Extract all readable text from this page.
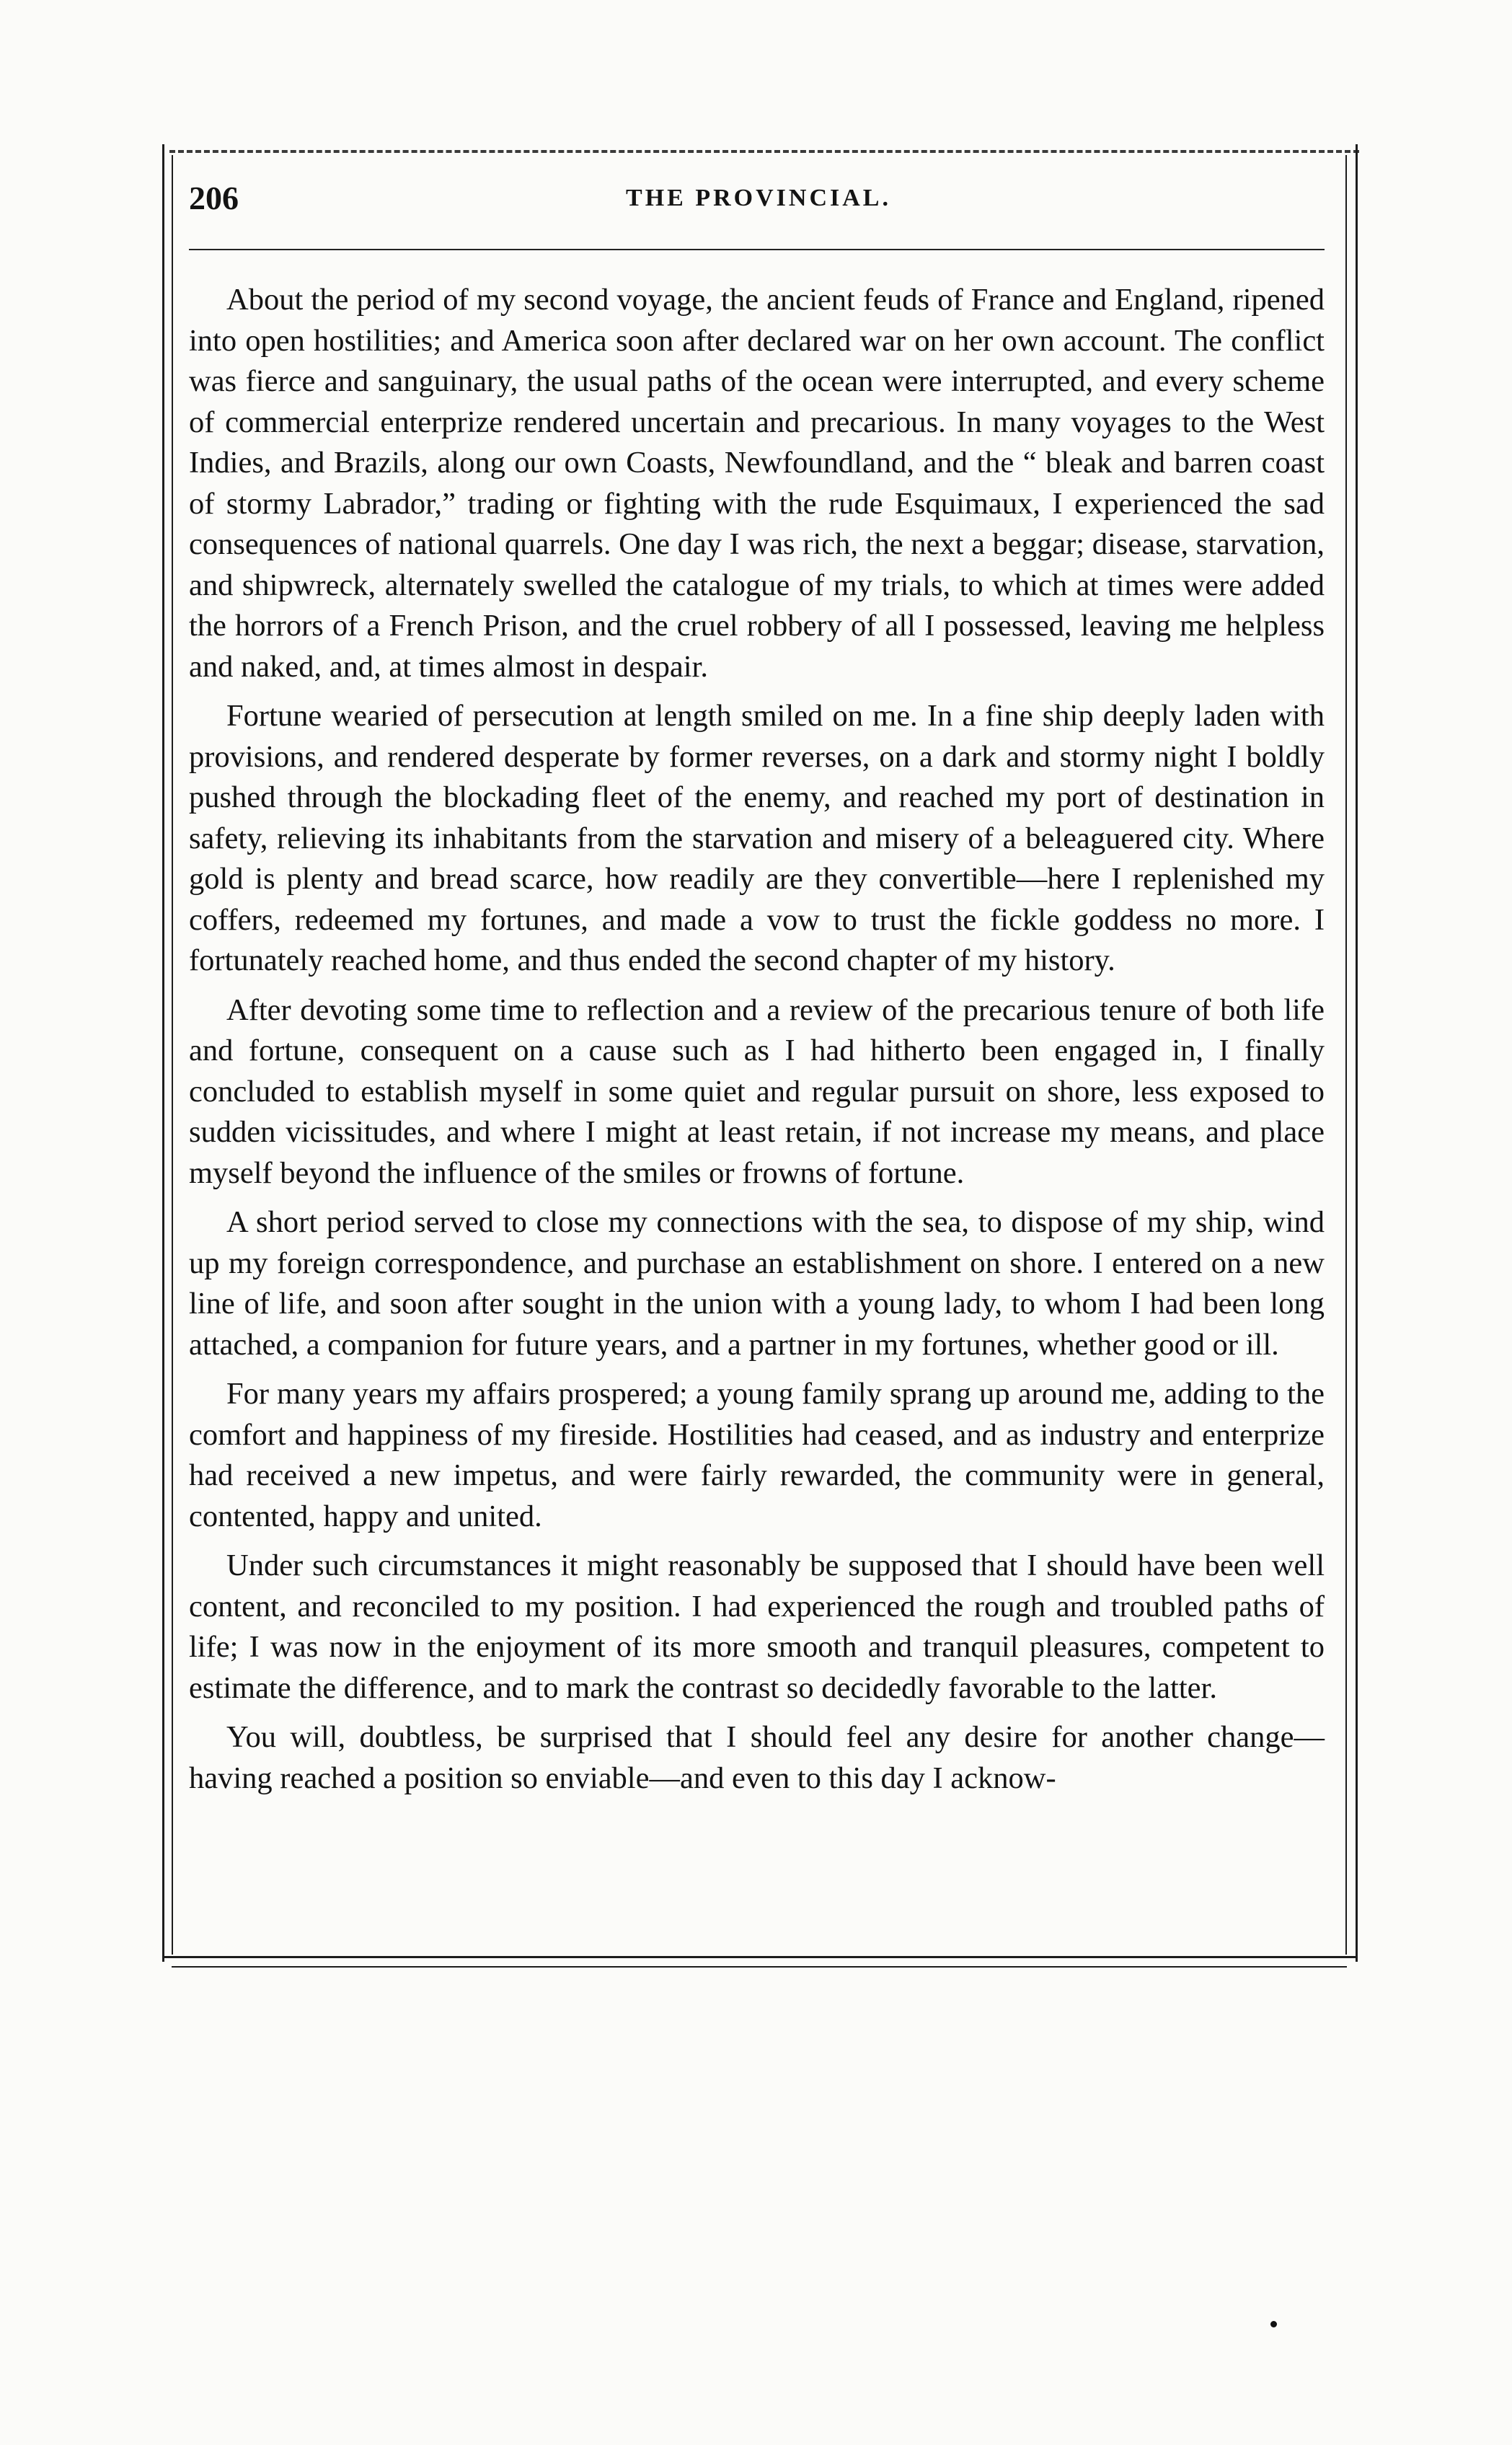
206	THE PROVINCIAL.

About the period of my second voyage, the ancient feuds of France and England, ripened into open hostilities; and America soon after declared war on her own account. The conflict was fierce and sanguinary, the usual paths of the ocean were interrupted, and every scheme of commercial enterprize rendered uncertain and precarious. In many voyages to the West Indies, and Brazils, along our own Coasts, Newfoundland, and the “ bleak and barren coast of stormy Labrador,” trading or fighting with the rude Esquimaux, I experienced the sad consequences of national quarrels. One day I was rich, the next a beggar; disease, starvation, and shipwreck, alternately swelled the catalogue of my trials, to which at times were added the horrors of a French Prison, and the cruel robbery of all I possessed, leaving me helpless and naked, and, at times almost in despair.

Fortune wearied of persecution at length smiled on me. In a fine ship deeply laden with provisions, and rendered desperate by former reverses, on a dark and stormy night I boldly pushed through the blockading fleet of the enemy, and reached my port of destination in safety, relieving its inhabitants from the starvation and misery of a beleaguered city. Where gold is plenty and bread scarce, how readily are they convertible—here I replenished my coffers, redeemed my fortunes, and made a vow to trust the fickle goddess no more. I fortunately reached home, and thus ended the second chapter of my history.

After devoting some time to reflection and a review of the precarious tenure of both life and fortune, consequent on a cause such as I had hitherto been engaged in, I finally concluded to establish myself in some quiet and regular pursuit on shore, less exposed to sudden vicissitudes, and where I might at least retain, if not increase my means, and place myself beyond the influence of the smiles or frowns of fortune.

A short period served to close my connections with the sea, to dispose of my ship, wind up my foreign correspondence, and purchase an establishment on shore. I entered on a new line of life, and soon after sought in the union with a young lady, to whom I had been long attached, a companion for future years, and a partner in my fortunes, whether good or ill.

For many years my affairs prospered; a young family sprang up around me, adding to the comfort and happiness of my fireside. Hostilities had ceased, and as industry and enterprize had received a new impetus, and were fairly rewarded, the community were in general, contented, happy and united.

Under such circumstances it might reasonably be supposed that I should have been well content, and reconciled to my position. I had experienced the rough and troubled paths of life; I was now in the enjoyment of its more smooth and tranquil pleasures, competent to estimate the difference, and to mark the contrast so decidedly favorable to the latter.

You will, doubtless, be surprised that I should feel any desire for another change—having reached a position so enviable—and even to this day I acknow-
